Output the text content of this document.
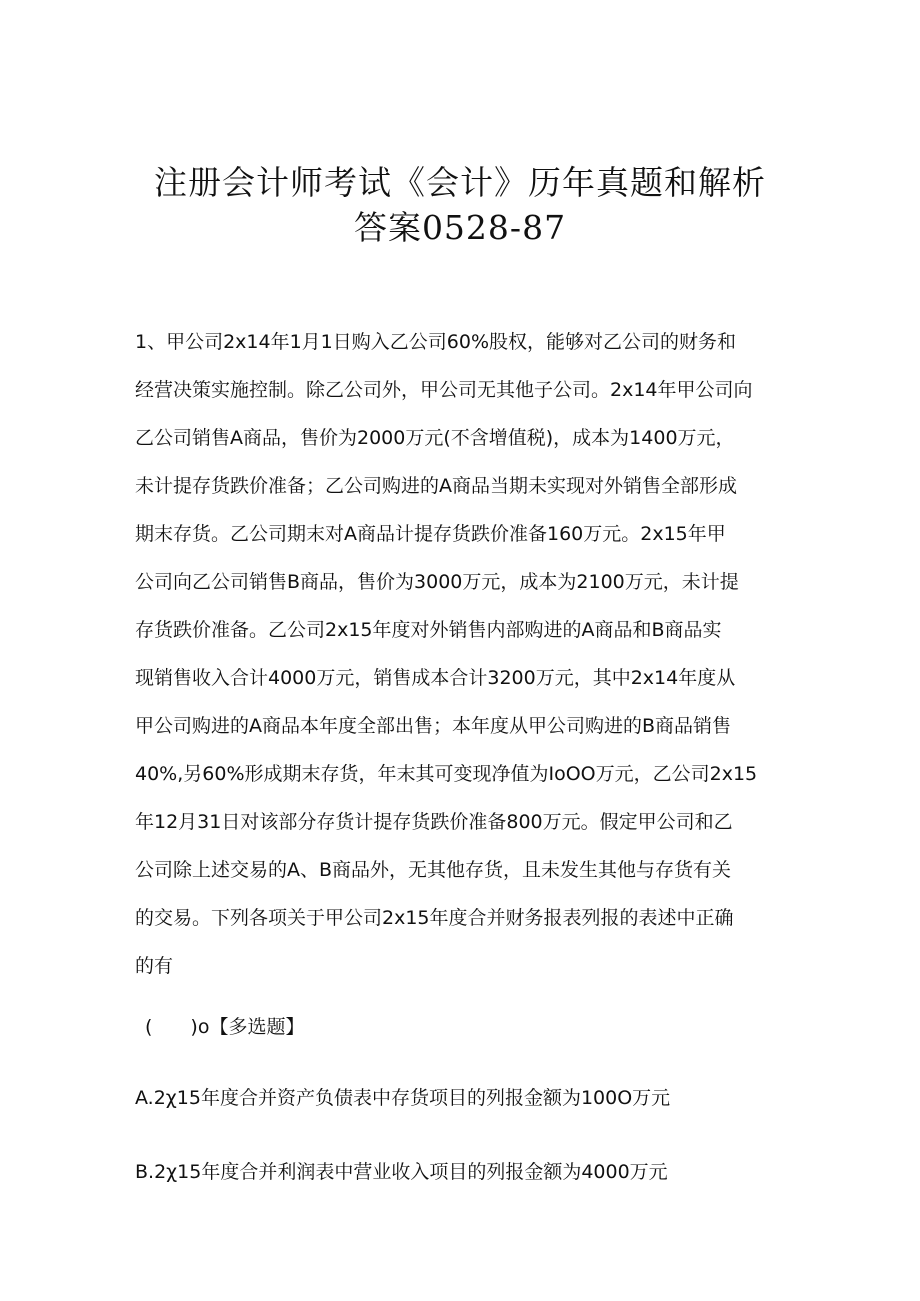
注册会计师考试《会计》历年真题和解析
答案0528-87
1、甲公司2x14年1月1日购入乙公司60%股权，能够对乙公司的财务和
经营决策实施控制。除乙公司外，甲公司无其他子公司。2x14年甲公司向
乙公司销售A商品，售价为2000万元(不含增值税)，成本为1400万元，
未计提存货跌价准备；乙公司购进的A商品当期未实现对外销售全部形成
期末存货。乙公司期末对A商品计提存货跌价准备160万元。2x15年甲
公司向乙公司销售B商品，售价为3000万元，成本为2100万元，未计提
存货跌价准备。乙公司2x15年度对外销售内部购进的A商品和B商品实
现销售收入合计4000万元，销售成本合计3200万元，其中2x14年度从
甲公司购进的A商品本年度全部出售；本年度从甲公司购进的B商品销售
40%,另60%形成期末存货，年末其可变现净值为IoOO万元，乙公司2x15
年12月31日对该部分存货计提存货跌价准备800万元。假定甲公司和乙
公司除上述交易的A、B商品外，无其他存货，且未发生其他与存货有关
的交易。下列各项关于甲公司2x15年度合并财务报表列报的表述中正确
的有
(　　)o【多选题】
A.2χ15年度合并资产负债表中存货项目的列报金额为100O万元
B.2χ15年度合并利润表中营业收入项目的列报金额为4000万元
